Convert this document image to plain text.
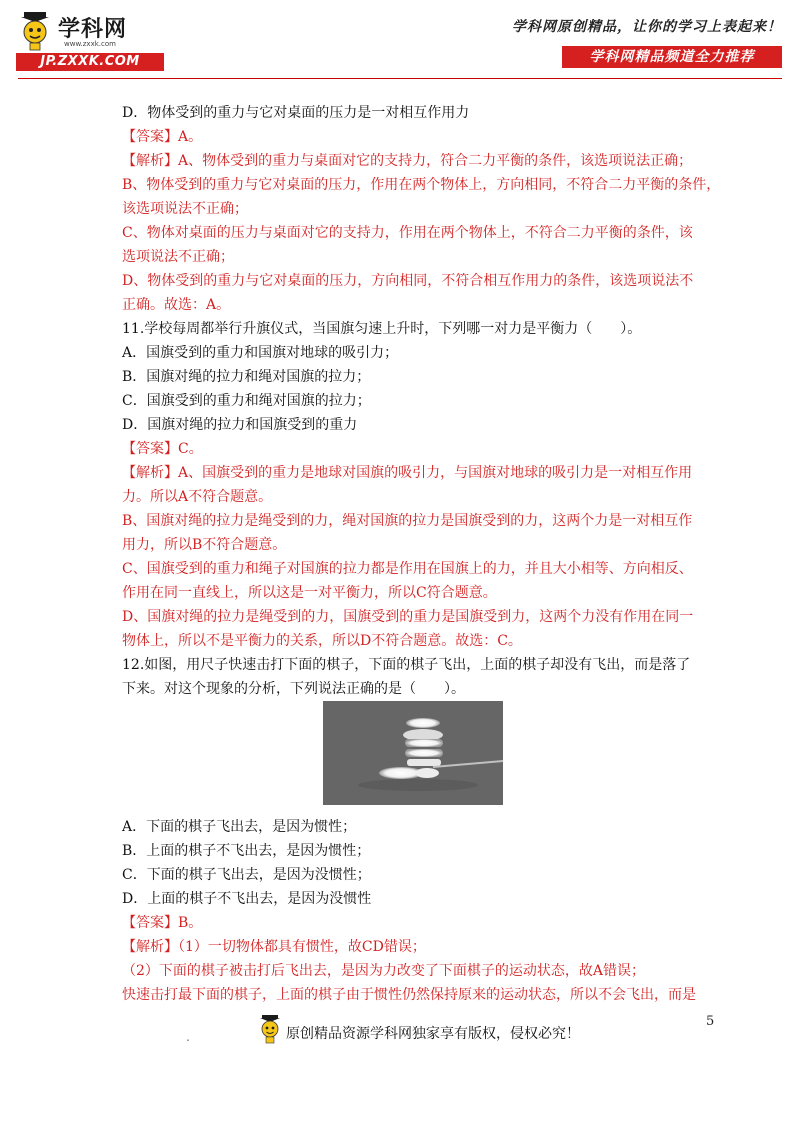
学科网
www.zxxk.com
JP.ZXXK.COM
学科网原创精品，让你的学习上表起来！
学科网精品频道全力推荐
D．物体受到的重力与它对桌面的压力是一对相互作用力
【答案】A。
【解析】A、物体受到的重力与桌面对它的支持力，符合二力平衡的条件，该选项说法正确；
B、物体受到的重力与它对桌面的压力，作用在两个物体上，方向相同，不符合二力平衡的条件，
该选项说法不正确；
C、物体对桌面的压力与桌面对它的支持力，作用在两个物体上，不符合二力平衡的条件，该
选项说法不正确；
D、物体受到的重力与它对桌面的压力，方向相同，不符合相互作用力的条件，该选项说法不
正确。故选：A。
11.学校每周都举行升旗仪式，当国旗匀速上升时，下列哪一对力是平衡力（　　）。
A．国旗受到的重力和国旗对地球的吸引力；
B．国旗对绳的拉力和绳对国旗的拉力；
C．国旗受到的重力和绳对国旗的拉力；
D．国旗对绳的拉力和国旗受到的重力
【答案】C。
【解析】A、国旗受到的重力是地球对国旗的吸引力，与国旗对地球的吸引力是一对相互作用
力。所以A不符合题意。
B、国旗对绳的拉力是绳受到的力，绳对国旗的拉力是国旗受到的力，这两个力是一对相互作
用力，所以B不符合题意。
C、国旗受到的重力和绳子对国旗的拉力都是作用在国旗上的力，并且大小相等、方向相反、
作用在同一直线上，所以这是一对平衡力，所以C符合题意。
D、国旗对绳的拉力是绳受到的力，国旗受到的重力是国旗受到力，这两个力没有作用在同一
物体上，所以不是平衡力的关系，所以D不符合题意。故选：C。
12.如图，用尺子快速击打下面的棋子，下面的棋子飞出，上面的棋子却没有飞出，而是落了
下来。对这个现象的分析，下列说法正确的是（　　）。
A．下面的棋子飞出去，是因为惯性；
B．上面的棋子不飞出去，是因为惯性；
C．下面的棋子飞出去，是因为没惯性；
D．上面的棋子不飞出去，是因为没惯性
【答案】B。
【解析】（1）一切物体都具有惯性，故CD错误；
（2）下面的棋子被击打后飞出去，是因为力改变了下面棋子的运动状态，故A错误；
快速击打最下面的棋子，上面的棋子由于惯性仍然保持原来的运动状态，所以不会飞出，而是
5
.	原创精品资源学科网独家享有版权，侵权必究！
